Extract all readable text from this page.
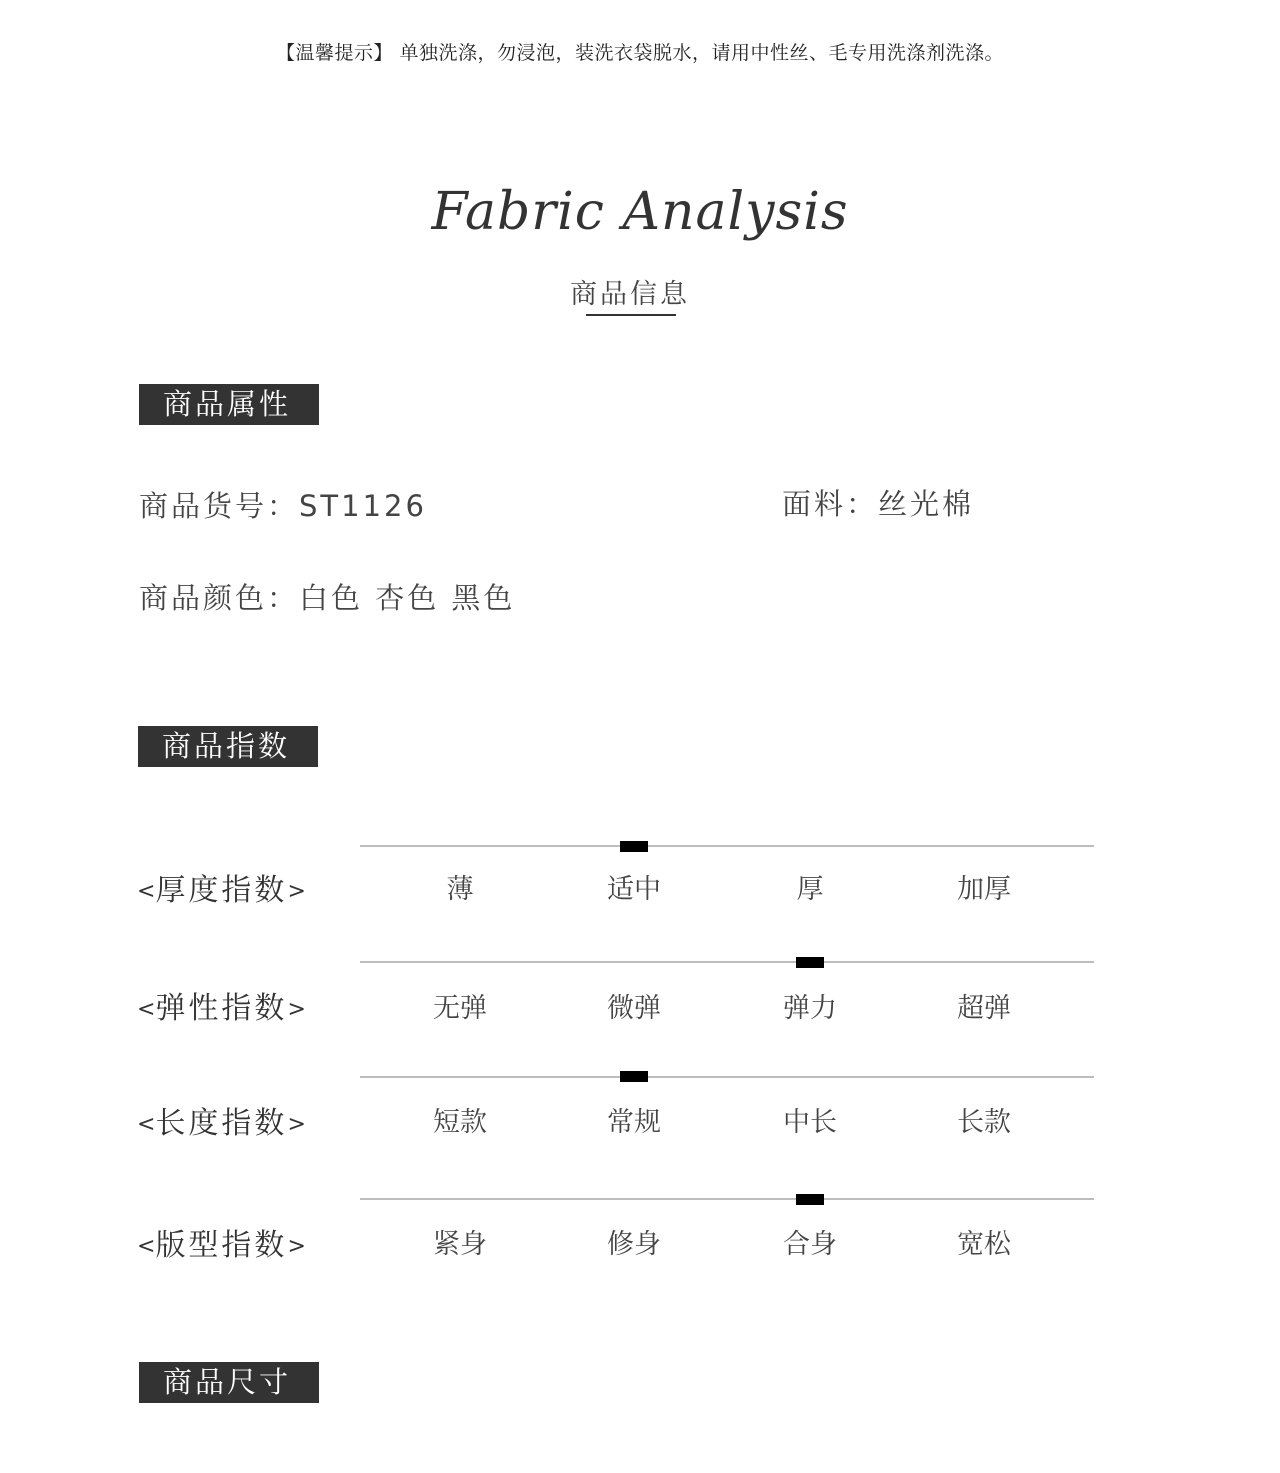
【温馨提示】 单独洗涤，勿浸泡，装洗衣袋脱水，请用中性丝、毛专用洗涤剂洗涤。
Fabric Analysis
商品信息
商品属性
商品货号：ST1126	面料：丝光棉
商品颜色：白色 杏色 黑色
商品指数
<厚度指数>	薄	适中	厚	加厚
<弹性指数>	无弹	微弹	弹力	超弹
<长度指数>	短款	常规	中长	长款
<版型指数>	紧身	修身	合身	宽松
商品尺寸
